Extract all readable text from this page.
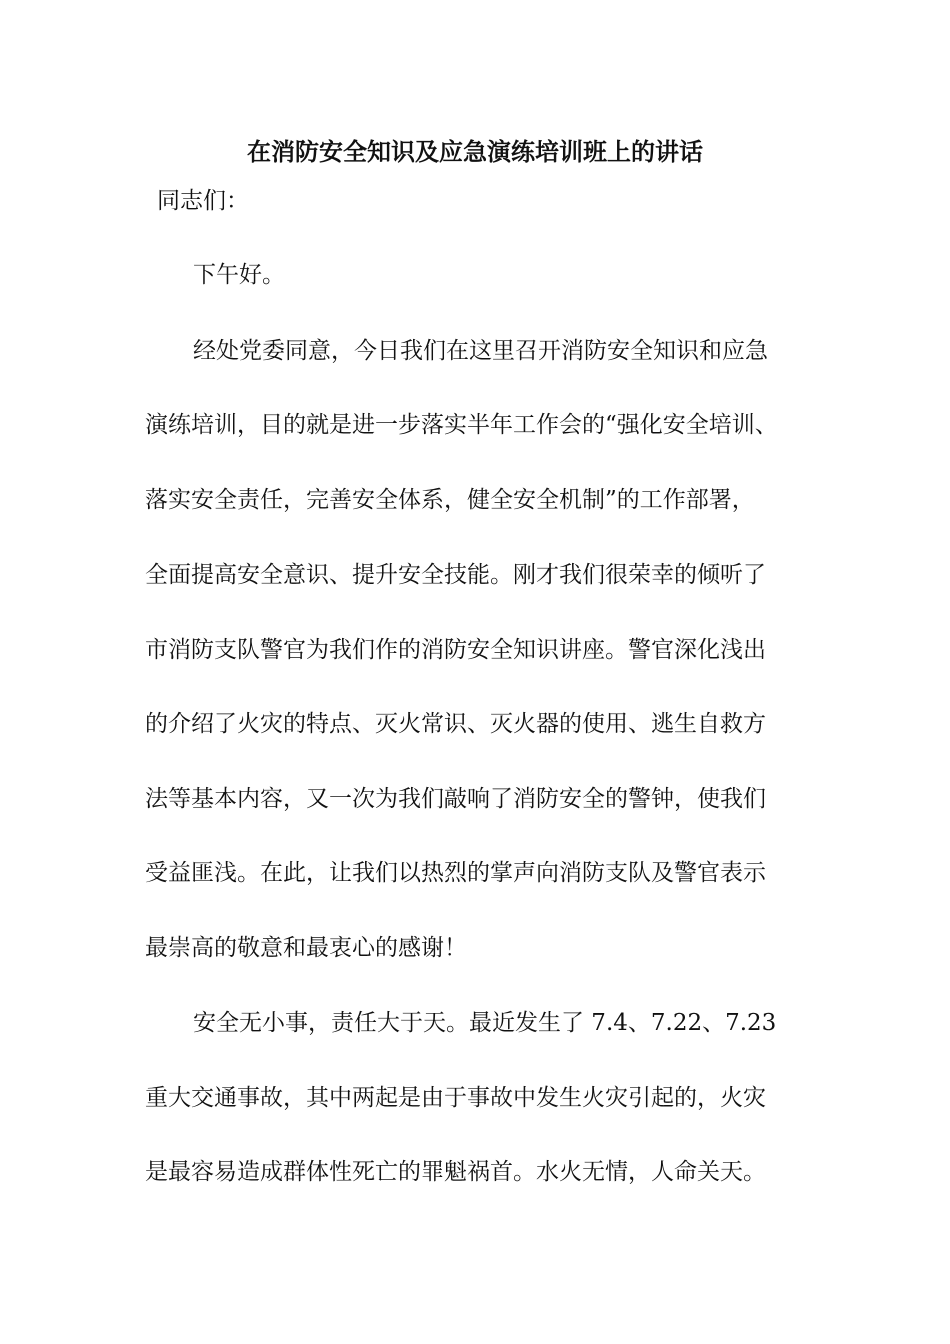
在消防安全知识及应急演练培训班上的讲话
同志们：
下午好。
经处党委同意，今日我们在这里召开消防安全知识和应急
演练培训，目的就是进一步落实半年工作会的“强化安全培训、
落实安全责任，完善安全体系，健全安全机制”的工作部署，
全面提高安全意识、提升安全技能。刚才我们很荣幸的倾听了
市消防支队警官为我们作的消防安全知识讲座。警官深化浅出
的介绍了火灾的特点、灭火常识、灭火器的使用、逃生自救方
法等基本内容，又一次为我们敲响了消防安全的警钟，使我们
受益匪浅。在此，让我们以热烈的掌声向消防支队及警官表示
最崇高的敬意和最衷心的感谢！
安全无小事，责任大于天。最近发生了 7.4、7.22、7.23
重大交通事故，其中两起是由于事故中发生火灾引起的，火灾
是最容易造成群体性死亡的罪魁祸首。水火无情，人命关天。
